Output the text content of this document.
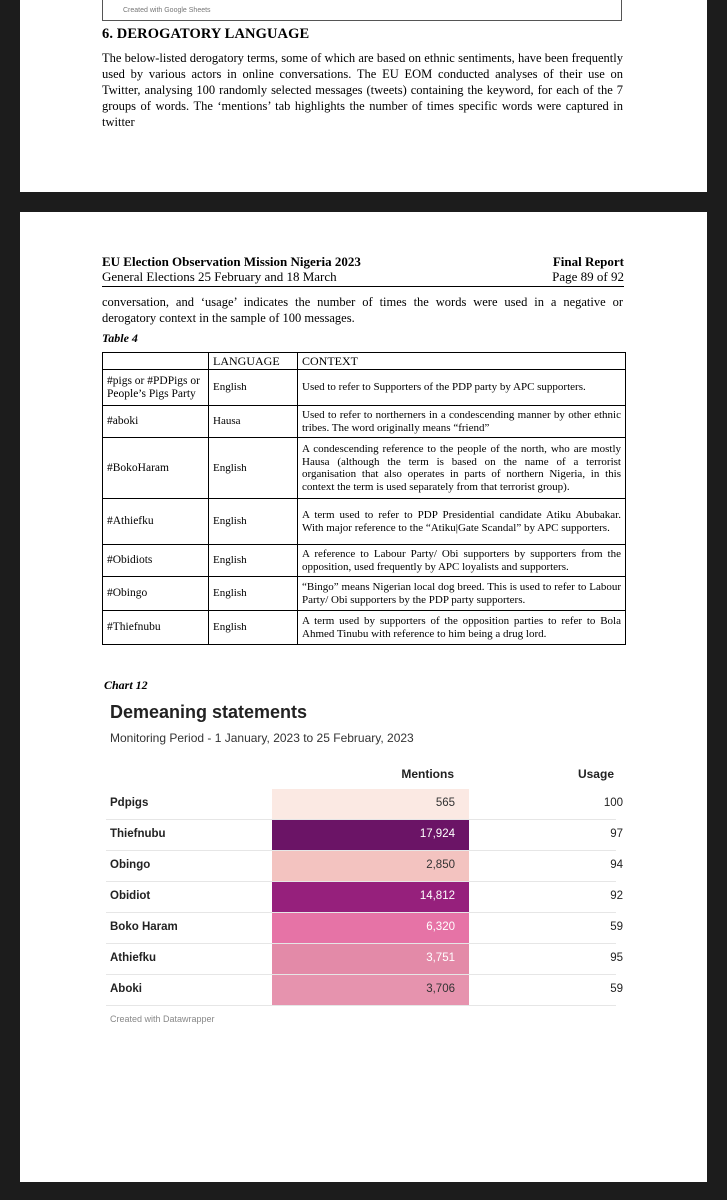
Created with Google Sheets
6. DEROGATORY LANGUAGE
The below-listed derogatory terms, some of which are based on ethnic sentiments, have been frequently used by various actors in online conversations. The EU EOM conducted analyses of their use on Twitter, analysing 100 randomly selected messages (tweets) containing the keyword, for each of the 7 groups of words. The ‘mentions’ tab highlights the number of times specific words were captured in twitter
EU Election Observation Mission Nigeria 2023
General Elections 25 February and 18 March
Final Report
Page 89 of 92
conversation, and ‘usage’ indicates the number of times the words were used in a negative or derogatory context in the sample of 100 messages.
Table 4
	LANGUAGE	CONTEXT
#pigs or #PDPigs or People’s Pigs Party	English	Used to refer to Supporters of the PDP party by APC supporters.
#aboki	Hausa	Used to refer to northerners in a condescending manner by other ethnic tribes. The word originally means “friend”
#BokoHaram	English	A condescending reference to the people of the north, who are mostly Hausa (although the term is based on the name of a terrorist organisation that also operates in parts of northern Nigeria, in this context the term is used separately from that terrorist group).
#Athiefku	English	A term used to refer to PDP Presidential candidate Atiku Abubakar. With major reference to the “Atiku|Gate Scandal” by APC supporters.
#Obidiots	English	A reference to Labour Party/ Obi supporters by supporters from the opposition, used frequently by APC loyalists and supporters.
#Obingo	English	“Bingo” means Nigerian local dog breed. This is used to refer to Labour Party/ Obi supporters by the PDP party supporters.
#Thiefnubu	English	A term used by supporters of the opposition parties to refer to Bola Ahmed Tinubu with reference to him being a drug lord.
Chart 12
Demeaning statements
Monitoring Period - 1 January, 2023 to 25 February, 2023
Mentions	Usage
Pdpigs	565	100
Thiefnubu	17,924	97
Obingo	2,850	94
Obidiot	14,812	92
Boko Haram	6,320	59
Athiefku	3,751	95
Aboki	3,706	59
Created with Datawrapper
